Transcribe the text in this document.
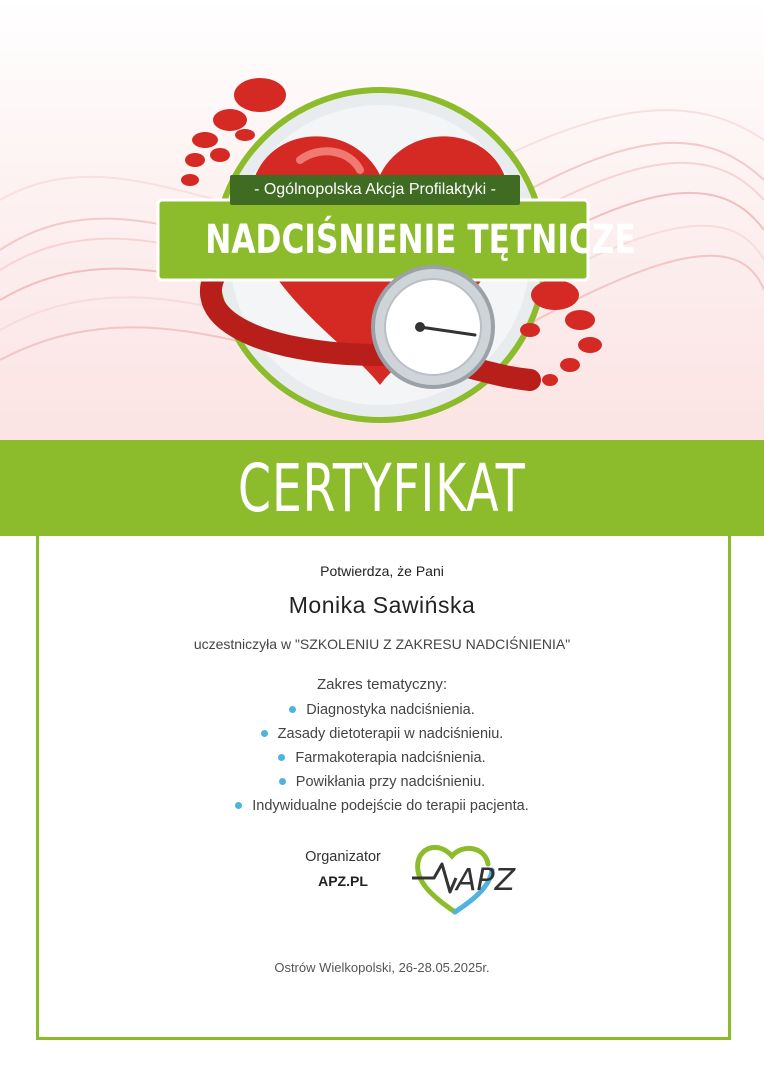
- Ogólnopolska Akcja Profilaktyki -
NADCIŚNIENIE TĘTNICZE
CERTYFIKAT
Potwierdza, że Pani
Monika Sawińska
uczestniczyła w "SZKOLENIU Z ZAKRESU NADCIŚNIENIA"
Zakres tematyczny:
Diagnostyka nadciśnienia.
Zasady dietoterapii w nadciśnieniu.
Farmakoterapia nadciśnienia.
Powikłania przy nadciśnieniu.
Indywidualne podejście do terapii pacjenta.
Organizator
APZ.PL	APZ
Ostrów Wielkopolski, 26-28.05.2025r.
